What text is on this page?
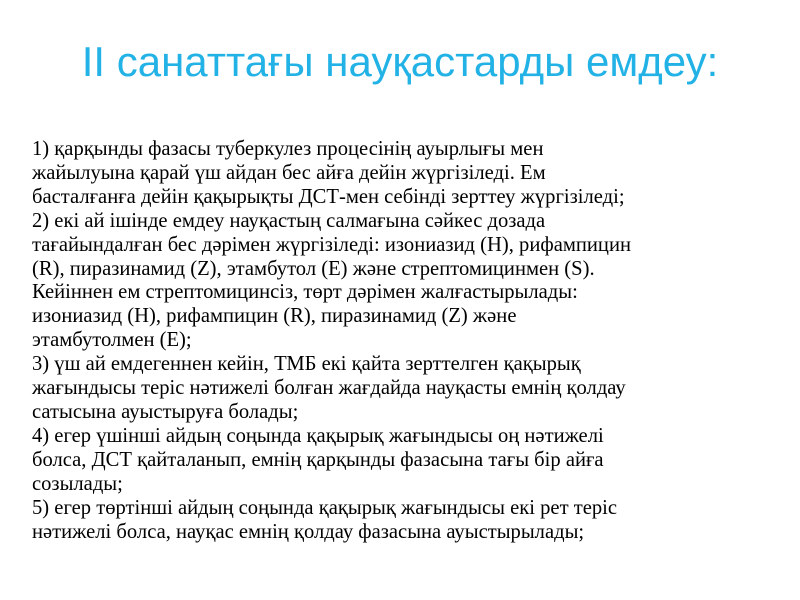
ІІ санаттағы науқастарды емдеу:
1) қарқынды фазасы туберкулез процесінің ауырлығы мен
жайылуына қарай үш айдан бес айға дейін жүргізіледі. Ем
басталғанға дейін қақырықты ДСТ-мен себінді зерттеу жүргізіледі;
2) екі ай ішінде емдеу науқастың салмағына сәйкес дозада
тағайындалған бес дәрімен жүргізіледі: изониазид (Н), рифампицин
(R), пиразинамид (Z), этамбутол (Е) және стрептомицинмен (S).
Кейіннен ем стрептомицинсіз, төрт дәрімен жалғастырылады:
изониазид (H), рифампицин (R), пиразинамид (Z) және
этамбутолмен (E);
3) үш ай емдегеннен кейін, ТМБ екі қайта зерттелген қақырық
жағындысы теріс нәтижелі болған жағдайда науқасты емнің қолдау
сатысына ауыстыруға болады;
4) егер үшінші айдың соңында қақырық жағындысы оң нәтижелі
болса, ДСТ қайталанып, емнің қарқынды фазасына тағы бір айға
созылады;
5) егер төртінші айдың соңында қақырық жағындысы екі рет теріс
нәтижелі болса, науқас емнің қолдау фазасына ауыстырылады;
